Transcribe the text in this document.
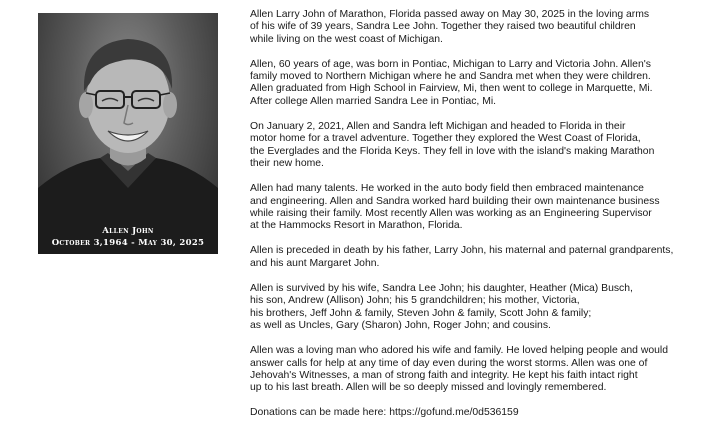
Allen John
October 3,1964 - May 30, 2025

Allen Larry John of Marathon, Florida passed away on May 30, 2025 in the loving arms
of his wife of 39 years, Sandra Lee John. Together they raised two beautiful children
while living on the west coast of Michigan.

Allen, 60 years of age, was born in Pontiac, Michigan to Larry and Victoria John. Allen's
family moved to Northern Michigan where he and Sandra met when they were children.
Allen graduated from High School in Fairview, Mi, then went to college in Marquette, Mi.
After college Allen married Sandra Lee in Pontiac, Mi.

On January 2, 2021, Allen and Sandra left Michigan and headed to Florida in their
motor home for a travel adventure. Together they explored the West Coast of Florida,
the Everglades and the Florida Keys. They fell in love with the island's making Marathon
their new home.

Allen had many talents. He worked in the auto body field then embraced maintenance
and engineering. Allen and Sandra worked hard building their own maintenance business
while raising their family. Most recently Allen was working as an Engineering Supervisor
at the Hammocks Resort in Marathon, Florida.

Allen is preceded in death by his father, Larry John, his maternal and paternal grandparents,
and his aunt Margaret John.

Allen is survived by his wife, Sandra Lee John; his daughter, Heather (Mica) Busch,
his son, Andrew (Allison) John; his 5 grandchildren; his mother, Victoria,
his brothers, Jeff John & family, Steven John & family, Scott John & family;
as well as Uncles, Gary (Sharon) John, Roger John; and cousins.

Allen was a loving man who adored his wife and family. He loved helping people and would
answer calls for help at any time of day even during the worst storms. Allen was one of
Jehovah's Witnesses, a man of strong faith and integrity. He kept his faith intact right
up to his last breath. Allen will be so deeply missed and lovingly remembered.

Donations can be made here: https://gofund.me/0d536159
